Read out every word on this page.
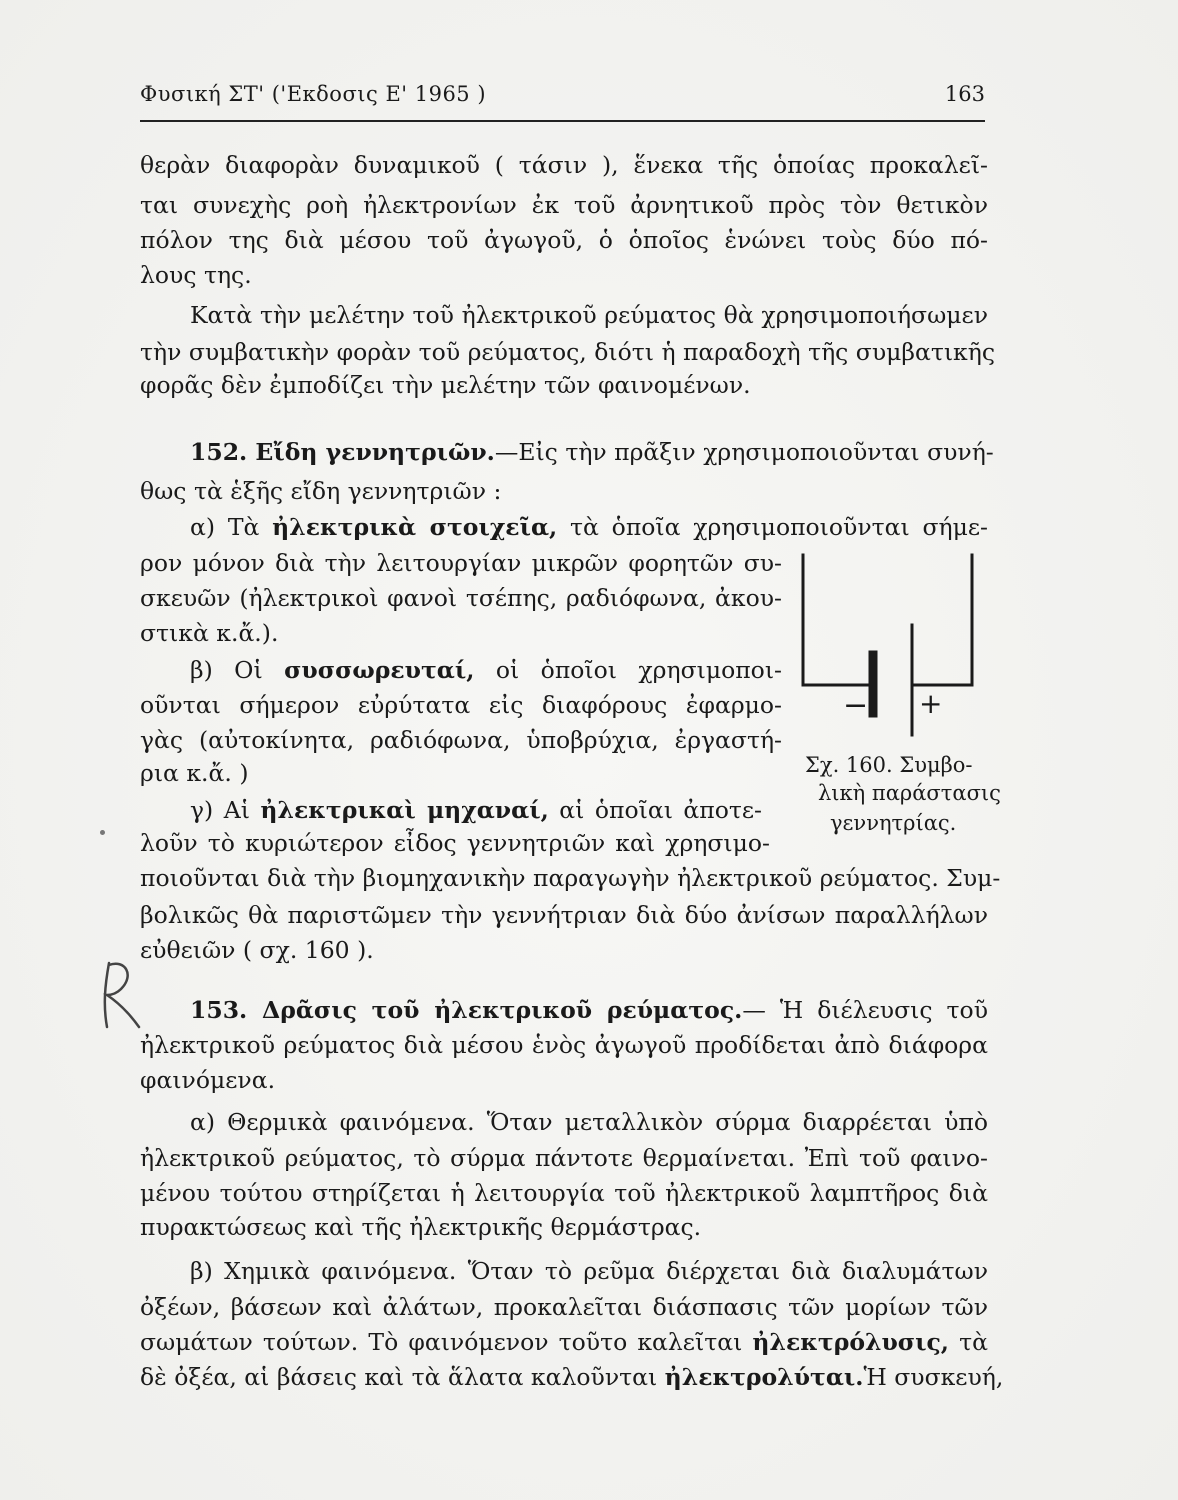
Φυσική ΣΤ' ('Εκδοσις Ε' 1965 )	163
θερὰν διαφορὰν δυναμικοῦ ( τάσιν ), ἕνεκα τῆς ὁποίας προκαλεῖ-
ται συνεχὴς ροὴ ἠλεκτρονίων ἐκ τοῦ ἀρνητικοῦ πρὸς τὸν θετικὸν
πόλον της διὰ μέσου τοῦ ἀγωγοῦ, ὁ ὁποῖος ἑνώνει τοὺς δύο πό-
λους της.
Κατὰ τὴν μελέτην τοῦ ἠλεκτρικοῦ ρεύματος θὰ χρησιμοποιήσωμεν
τὴν συμβατικὴν φορὰν τοῦ ρεύματος, διότι ἡ παραδοχὴ τῆς συμβατικῆς
φορᾶς δὲν ἐμποδίζει τὴν μελέτην τῶν φαινομένων.
152. Εἴδη γεννητριῶν.—Εἰς τὴν πρᾶξιν χρησιμοποιοῦνται συνή-
θως τὰ ἑξῆς εἴδη γεννητριῶν :
α) Τὰ ἠλεκτρικὰ στοιχεῖα, τὰ ὁποῖα χρησιμοποιοῦνται σήμε-
ρον μόνον διὰ τὴν λειτουργίαν μικρῶν φορητῶν συ-
σκευῶν (ἠλεκτρικοὶ φανοὶ τσέπης, ραδιόφωνα, ἀκου-
στικὰ κ.ἄ.).
β) Οἱ συσσωρευταί, οἱ ὁποῖοι χρησιμοποι-
οῦνται σήμερον εὐρύτατα εἰς διαφόρους ἐφαρμο-
γὰς (αὐτοκίνητα, ραδιόφωνα, ὑποβρύχια, ἐργαστή-
ρια κ.ἄ. )
γ) Αἱ ἠλεκτρικαὶ μηχαναί, αἱ ὁποῖαι ἀποτε-
λοῦν τὸ κυριώτερον εἶδος γεννητριῶν καὶ χρησιμο-
ποιοῦνται διὰ τὴν βιομηχανικὴν παραγωγὴν ἠλεκτρικοῦ ρεύματος. Συμ-
βολικῶς θὰ παριστῶμεν τὴν γεννήτριαν διὰ δύο ἀνίσων παραλλήλων
εὐθειῶν ( σχ. 160 ).
− +
Σχ. 160. Συμβο-
λικὴ παράστασις
γεννητρίας.
153. Δρᾶσις τοῦ ἠλεκτρικοῦ ρεύματος.— Ἡ διέλευσις τοῦ
ἠλεκτρικοῦ ρεύματος διὰ μέσου ἑνὸς ἀγωγοῦ προδίδεται ἀπὸ διάφορα
φαινόμενα.
α) Θερμικὰ φαινόμενα. Ὅταν μεταλλικὸν σύρμα διαρρέεται ὑπὸ
ἠλεκτρικοῦ ρεύματος, τὸ σύρμα πάντοτε θερμαίνεται. Ἐπὶ τοῦ φαινο-
μένου τούτου στηρίζεται ἡ λειτουργία τοῦ ἠλεκτρικοῦ λαμπτῆρος διὰ
πυρακτώσεως καὶ τῆς ἠλεκτρικῆς θερμάστρας.
β) Χημικὰ φαινόμενα. Ὅταν τὸ ρεῦμα διέρχεται διὰ διαλυμάτων
ὀξέων, βάσεων καὶ ἀλάτων, προκαλεῖται διάσπασις τῶν μορίων τῶν
σωμάτων τούτων. Τὸ φαινόμενον τοῦτο καλεῖται ἠλεκτρόλυσις, τὰ
δὲ ὀξέα, αἱ βάσεις καὶ τὰ ἅλατα καλοῦνται ἠλεκτρολύται.Ἡ συσκευή,
